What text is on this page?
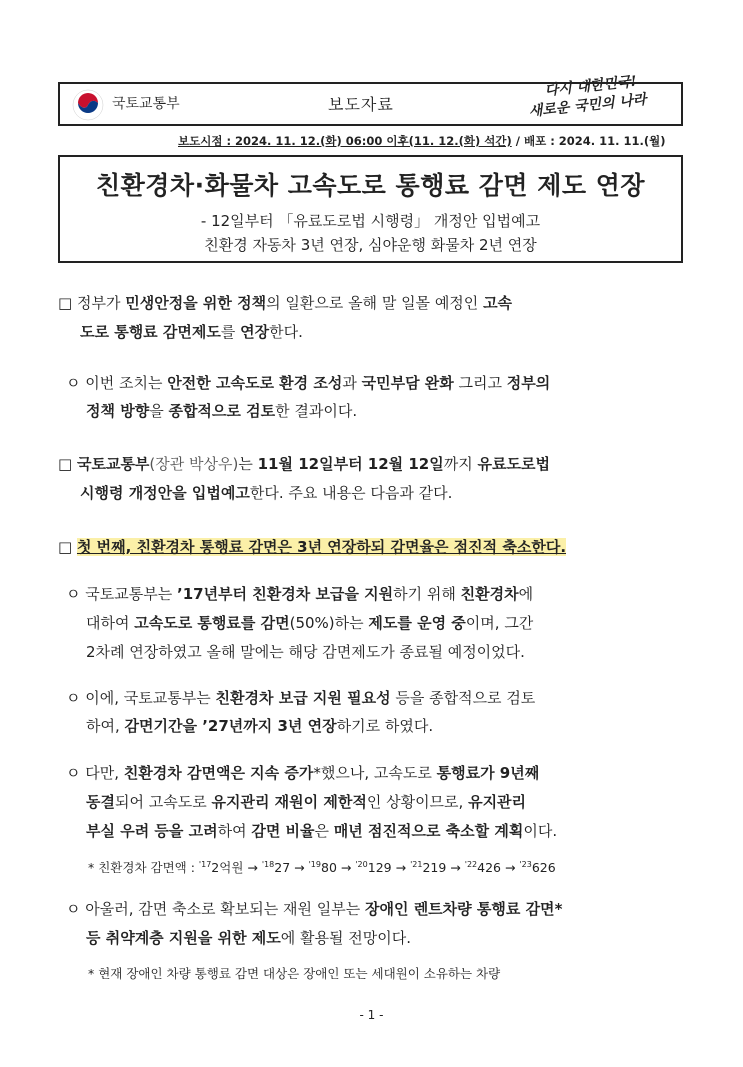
국토교통부	보도자료
다시 대한민국!
새로운 국민의 나라
보도시점 : 2024. 11. 12.(화) 06:00 이후(11. 12.(화) 석간) / 배포 : 2024. 11. 11.(월)
친환경차·화물차 고속도로 통행료 감면 제도 연장
- 12일부터 「유료도로법 시행령」 개정안 입법예고
친환경 자동차 3년 연장, 심야운행 화물차 2년 연장
□ 정부가 민생안정을 위한 정책의 일환으로 올해 말 일몰 예정인 고속
도로 통행료 감면제도를 연장한다.
ㅇ 이번 조치는 안전한 고속도로 환경 조성과 국민부담 완화 그리고 정부의
정책 방향을 종합적으로 검토한 결과이다.
□ 국토교통부(장관 박상우)는 11월 12일부터 12월 12일까지 유료도로법
시행령 개정안을 입법예고한다. 주요 내용은 다음과 같다.
□ 첫 번째, 친환경차 통행료 감면은 3년 연장하되 감면율은 점진적 축소한다.
ㅇ 국토교통부는 ’17년부터 친환경차 보급을 지원하기 위해 친환경차에
대하여 고속도로 통행료를 감면(50%)하는 제도를 운영 중이며, 그간
2차례 연장하였고 올해 말에는 해당 감면제도가 종료될 예정이었다.
ㅇ 이에, 국토교통부는 친환경차 보급 지원 필요성 등을 종합적으로 검토
하여, 감면기간을 ’27년까지 3년 연장하기로 하였다.
ㅇ 다만, 친환경차 감면액은 지속 증가*했으나, 고속도로 통행료가 9년째
동결되어 고속도로 유지관리 재원이 제한적인 상황이므로, 유지관리
부실 우려 등을 고려하여 감면 비율은 매년 점진적으로 축소할 계획이다.
* 친환경차 감면액 : $^{'17}$2억원 → $^{'18}$27 → $^{'19}$80 → $^{'20}$129 → $^{'21}$219 → $^{'22}$426 → $^{'23}$626
ㅇ 아울러, 감면 축소로 확보되는 재원 일부는 장애인 렌트차량 통행료 감면*
등 취약계층 지원을 위한 제도에 활용될 전망이다.
* 현재 장애인 차량 통행료 감면 대상은 장애인 또는 세대원이 소유하는 차량
- 1 -
